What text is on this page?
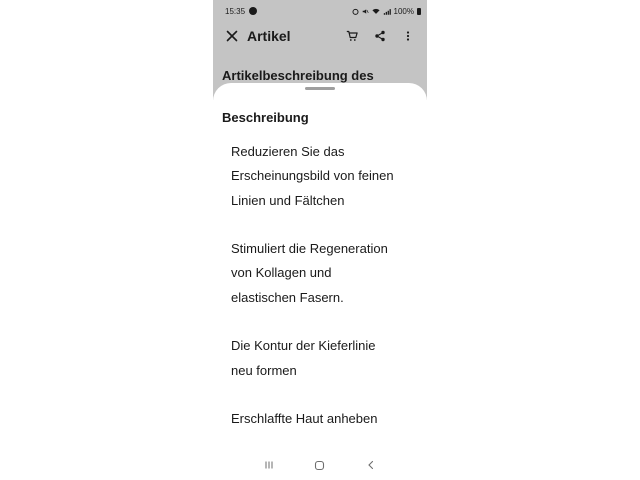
15:35	100%
Artikel
Artikelbeschreibung des
Beschreibung
Reduzieren Sie das
Erscheinungsbild von feinen
Linien und Fältchen
Stimuliert die Regeneration
von Kollagen und
elastischen Fasern.
Die Kontur der Kieferlinie
neu formen
Erschlaffte Haut anheben
